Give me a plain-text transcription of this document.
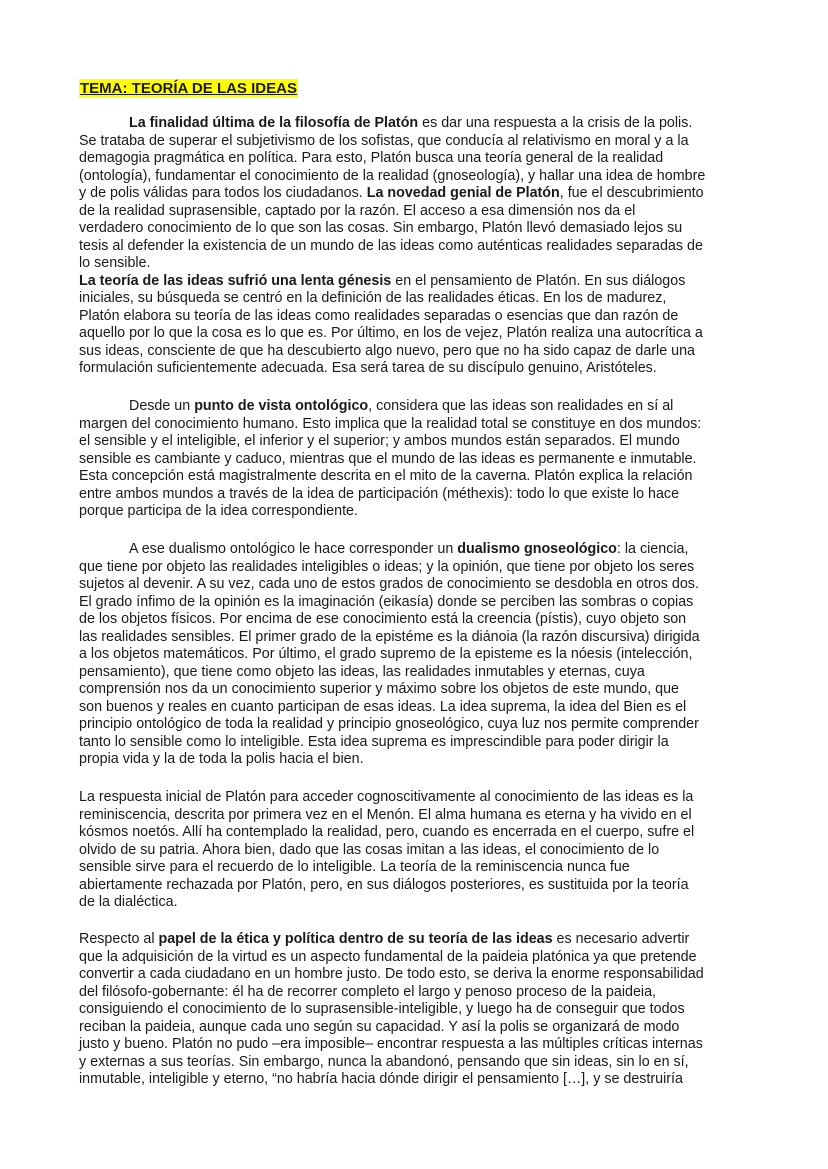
TEMA: TEORÍA DE LAS IDEAS
La finalidad última de la filosofía de Platón es dar una respuesta a la crisis de la polis.
Se trataba de superar el subjetivismo de los sofistas, que conducía al relativismo en moral y a la
demagogia pragmática en política. Para esto, Platón busca una teoría general de la realidad
(ontología), fundamentar el conocimiento de la realidad (gnoseología), y hallar una idea de hombre
y de polis válidas para todos los ciudadanos. La novedad genial de Platón, fue el descubrimiento
de la realidad suprasensible, captado por la razón. El acceso a esa dimensión nos da el
verdadero conocimiento de lo que son las cosas. Sin embargo, Platón llevó demasiado lejos su
tesis al defender la existencia de un mundo de las ideas como auténticas realidades separadas de
lo sensible.
La teoría de las ideas sufrió una lenta génesis en el pensamiento de Platón. En sus diálogos
iniciales, su búsqueda se centró en la definición de las realidades éticas. En los de madurez,
Platón elabora su teoría de las ideas como realidades separadas o esencias que dan razón de
aquello por lo que la cosa es lo que es. Por último, en los de vejez, Platón realiza una autocrítica a
sus ideas, consciente de que ha descubierto algo nuevo, pero que no ha sido capaz de darle una
formulación suficientemente adecuada. Esa será tarea de su discípulo genuino, Aristóteles.
Desde un punto de vista ontológico, considera que las ideas son realidades en sí al
margen del conocimiento humano. Esto implica que la realidad total se constituye en dos mundos:
el sensible y el inteligible, el inferior y el superior; y ambos mundos están separados. El mundo
sensible es cambiante y caduco, mientras que el mundo de las ideas es permanente e inmutable.
Esta concepción está magistralmente descrita en el mito de la caverna. Platón explica la relación
entre ambos mundos a través de la idea de participación (méthexis): todo lo que existe lo hace
porque participa de la idea correspondiente.
A ese dualismo ontológico le hace corresponder un dualismo gnoseológico: la ciencia,
que tiene por objeto las realidades inteligibles o ideas; y la opinión, que tiene por objeto los seres
sujetos al devenir. A su vez, cada uno de estos grados de conocimiento se desdobla en otros dos.
El grado ínfimo de la opinión es la imaginación (eikasía) donde se perciben las sombras o copias
de los objetos físicos. Por encima de ese conocimiento está la creencia (pístis), cuyo objeto son
las realidades sensibles. El primer grado de la epistéme es la diánoia (la razón discursiva) dirigida
a los objetos matemáticos. Por último, el grado supremo de la episteme es la nóesis (intelección,
pensamiento), que tiene como objeto las ideas, las realidades inmutables y eternas, cuya
comprensión nos da un conocimiento superior y máximo sobre los objetos de este mundo, que
son buenos y reales en cuanto participan de esas ideas. La idea suprema, la idea del Bien es el
principio ontológico de toda la realidad y principio gnoseológico, cuya luz nos permite comprender
tanto lo sensible como lo inteligible. Esta idea suprema es imprescindible para poder dirigir la
propia vida y la de toda la polis hacia el bien.
La respuesta inicial de Platón para acceder cognoscitivamente al conocimiento de las ideas es la
reminiscencia, descrita por primera vez en el Menón. El alma humana es eterna y ha vivido en el
kósmos noetós. Allí ha contemplado la realidad, pero, cuando es encerrada en el cuerpo, sufre el
olvido de su patria. Ahora bien, dado que las cosas imitan a las ideas, el conocimiento de lo
sensible sirve para el recuerdo de lo inteligible. La teoría de la reminiscencia nunca fue
abiertamente rechazada por Platón, pero, en sus diálogos posteriores, es sustituida por la teoría
de la dialéctica.
Respecto al papel de la ética y política dentro de su teoría de las ideas es necesario advertir
que la adquisición de la virtud es un aspecto fundamental de la paideia platónica ya que pretende
convertir a cada ciudadano en un hombre justo. De todo esto, se deriva la enorme responsabilidad
del filósofo-gobernante: él ha de recorrer completo el largo y penoso proceso de la paideia,
consiguiendo el conocimiento de lo suprasensible-inteligible, y luego ha de conseguir que todos
reciban la paideia, aunque cada uno según su capacidad. Y así la polis se organizará de modo
justo y bueno. Platón no pudo –era imposible– encontrar respuesta a las múltiples críticas internas
y externas a sus teorías. Sin embargo, nunca la abandonó, pensando que sin ideas, sin lo en sí,
inmutable, inteligible y eterno, “no habría hacia dónde dirigir el pensamiento […], y se destruiría
